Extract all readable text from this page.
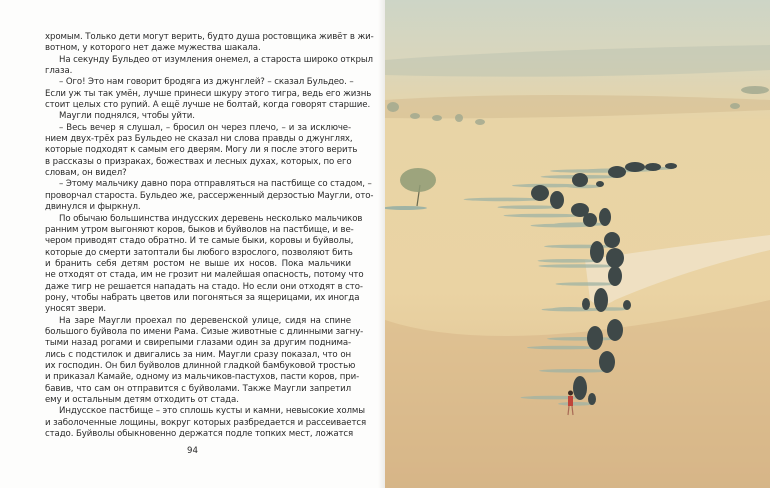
хромым. Только дети могут верить, будто душа ростовщика живёт в жи-
вотном, у которого нет даже мужества шакала.
На секунду Бульдео от изумления онемел, а староста широко открыл
глаза.
– Ого! Это нам говорит бродяга из джунглей? – сказал Бульдео. –
Если уж ты так умён, лучше принеси шкуру этого тигра, ведь его жизнь
стоит целых сто рупий. А ещё лучше не болтай, когда говорят старшие.
Маугли поднялся, чтобы уйти.
– Весь вечер я слушал, – бросил он через плечо, – и за исключе-
нием двух-трёх раз Бульдео не сказал ни слова правды о джунглях,
которые подходят к самым его дверям. Могу ли я после этого верить
в рассказы о призраках, божествах и лесных духах, которых, по его
словам, он видел?
– Этому мальчику давно пора отправляться на пастбище со стадом, –
проворчал староста. Бульдео же, рассерженный дерзостью Маугли, ото-
двинулся и фыркнул.
По обычаю большинства индусских деревень несколько мальчиков
ранним утром выгоняют коров, быков и буйволов на пастбище, и ве-
чером приводят стадо обратно. И те самые быки, коровы и буйволы,
которые до смерти затоптали бы любого взрослого, позволяют бить
и бранить себя детям ростом не выше их носов. Пока мальчики
не отходят от стада, им не грозит ни малейшая опасность, потому что
даже тигр не решается нападать на стадо. Но если они отходят в сто-
рону, чтобы набрать цветов или погоняться за ящерицами, их иногда
уносят звери.
На заре Маугли проехал по деревенской улице, сидя на спине
большого буйвола по имени Рама. Сизые животные с длинными загну-
тыми назад рогами и свирепыми глазами один за другим поднима-
лись с подстилок и двигались за ним. Маугли сразу показал, что он
их господин. Он бил буйволов длинной гладкой бамбуковой тростью
и приказал Камайе, одному из мальчиков-пастухов, пасти коров, при-
бавив, что сам он отправится с буйволами. Также Маугли запретил
ему и остальным детям отходить от стада.
Индусское пастбище – это сплошь кусты и камни, невысокие холмы
и заболоченные лощины, вокруг которых разбредается и рассеивается
стадо. Буйволы обыкновенно держатся подле топких мест, ложатся
94
